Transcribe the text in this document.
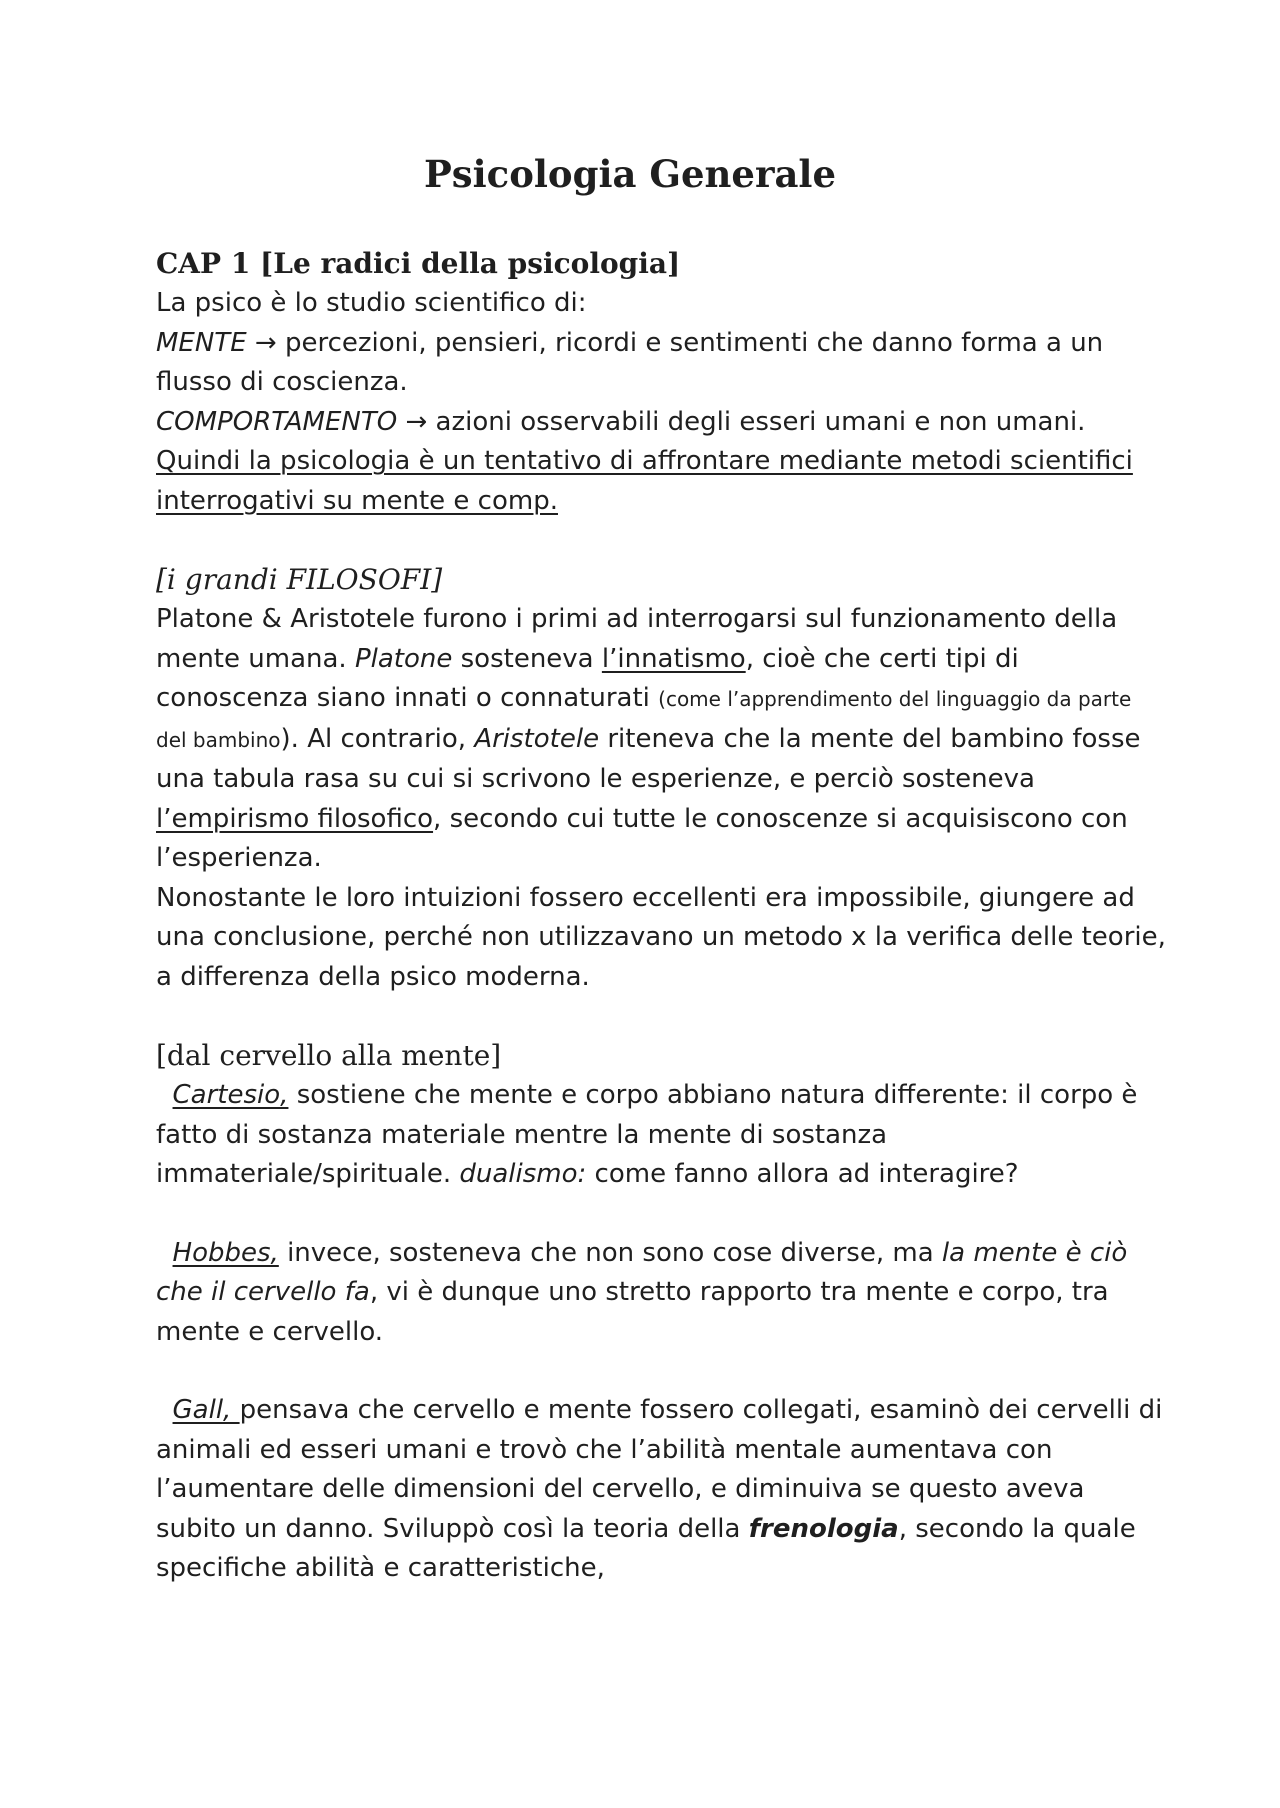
Psicologia Generale

CAP 1 [Le radici della psicologia]

La psico è lo studio scientifico di:

MENTE → percezioni, pensieri, ricordi e sentimenti che danno forma a un flusso di coscienza.

COMPORTAMENTO → azioni osservabili degli esseri umani e non umani.

Quindi la psicologia è un tentativo di affrontare mediante metodi scientifici interrogativi su mente e comp.

[i grandi FILOSOFI]

Platone & Aristotele furono i primi ad interrogarsi sul funzionamento della mente umana. Platone sosteneva l’innatismo, cioè che certi tipi di conoscenza siano innati o connaturati (come l’apprendimento del linguaggio da parte del bambino). Al contrario, Aristotele riteneva che la mente del bambino fosse una tabula rasa su cui si scrivono le esperienze, e perciò sosteneva l’empirismo filosofico, secondo cui tutte le conoscenze si acquisiscono con l’esperienza.

Nonostante le loro intuizioni fossero eccellenti era impossibile, giungere ad una conclusione, perché non utilizzavano un metodo x la verifica delle teorie, a differenza della psico moderna.

[dal cervello alla mente]

Cartesio, sostiene che mente e corpo abbiano natura differente: il corpo è fatto di sostanza materiale mentre la mente di sostanza immateriale/spirituale. dualismo: come fanno allora ad interagire?

Hobbes, invece, sosteneva che non sono cose diverse, ma la mente è ciò che il cervello fa, vi è dunque uno stretto rapporto tra mente e corpo, tra mente e cervello.

Gall, pensava che cervello e mente fossero collegati, esaminò dei cervelli di animali ed esseri umani e trovò che l’abilità mentale aumentava con l’aumentare delle dimensioni del cervello, e diminuiva se questo aveva subito un danno. Sviluppò così la teoria della frenologia, secondo la quale specifiche abilità e caratteristiche,
